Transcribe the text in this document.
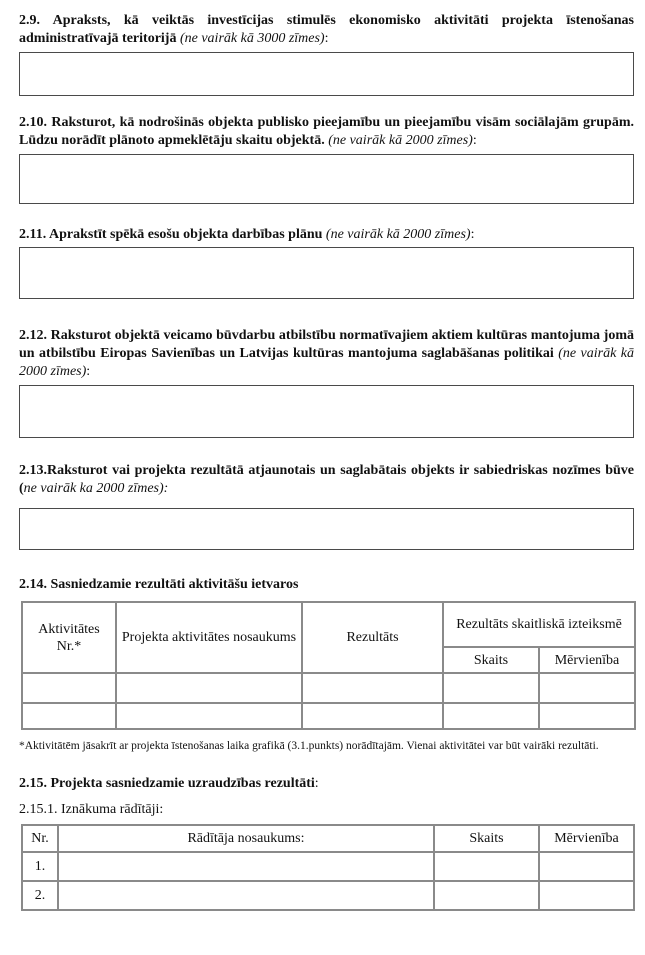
2.9. Apraksts, kā veiktās investīcijas stimulēs ekonomisko aktivitāti projekta īstenošanas administratīvajā teritorijā (ne vairāk kā 3000 zīmes):

2.10. Raksturot, kā nodrošinās objekta publisko pieejamību un pieejamību visām sociālajām grupām. Lūdzu norādīt plānoto apmeklētāju skaitu objektā. (ne vairāk kā 2000 zīmes):

2.11. Aprakstīt spēkā esošu objekta darbības plānu (ne vairāk kā 2000 zīmes):

2.12. Raksturot objektā veicamo būvdarbu atbilstību normatīvajiem aktiem kultūras mantojuma jomā un atbilstību Eiropas Savienības un Latvijas kultūras mantojuma saglabāšanas politikai (ne vairāk kā 2000 zīmes):

2.13.Raksturot vai projekta rezultātā atjaunotais un saglabātais objekts ir sabiedriskas nozīmes būve (ne vairāk ka 2000 zīmes):

2.14. Sasniedzamie rezultāti aktivitāšu ietvaros

Aktivitātes Nr.*	Projekta aktivitātes nosaukums	Rezultāts	Rezultāts skaitliskā izteiksmē	
			Skaits	Mērvienība

*Aktivitātēm jāsakrīt ar projekta īstenošanas laika grafikā (3.1.punkts) norādītajām. Vienai aktivitātei var būt vairāki rezultāti.

2.15. Projekta sasniedzamie uzraudzības rezultāti:

2.15.1. Iznākuma rādītāji:

Nr.	Rādītāja nosaukums:	Skaits	Mērvienība
1.			
2.			
